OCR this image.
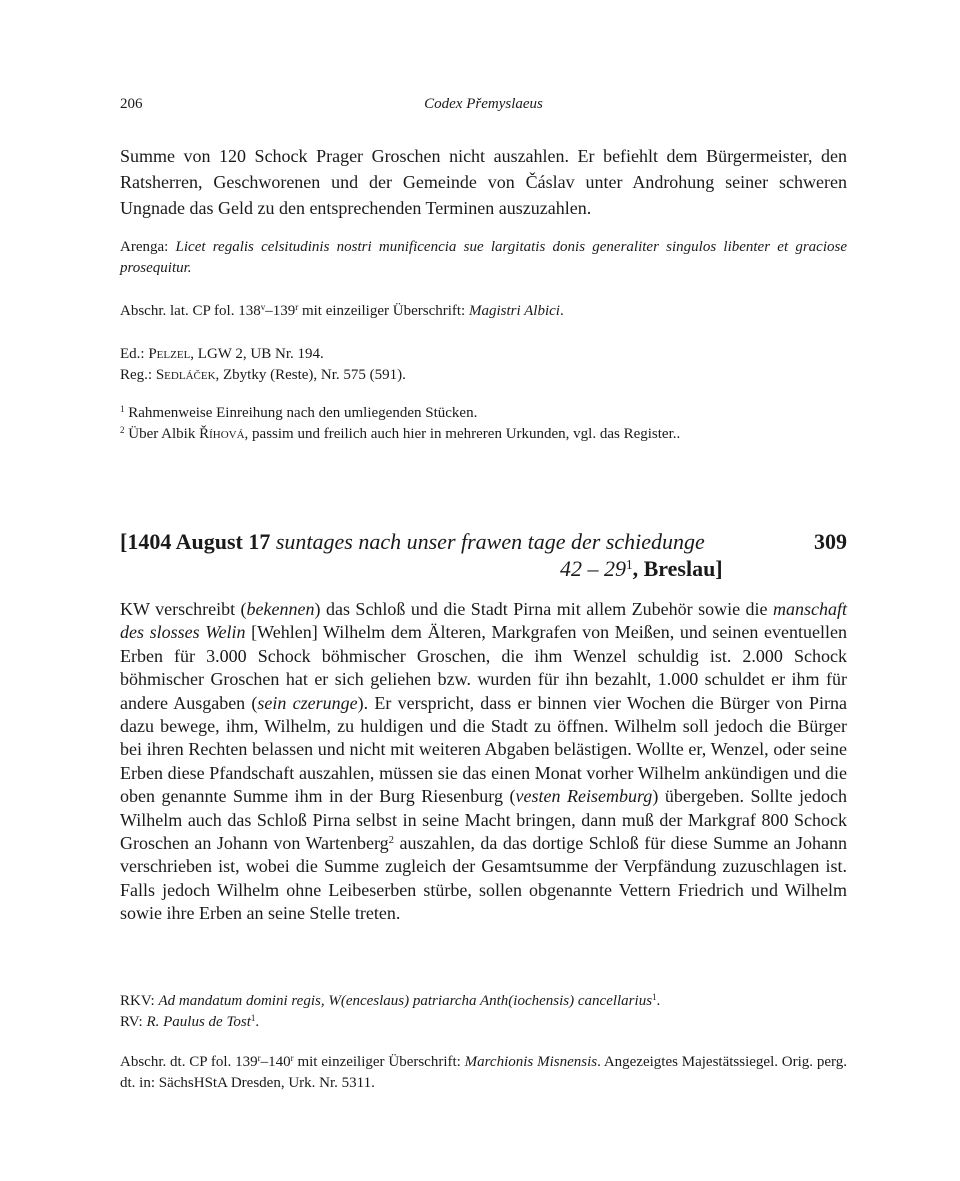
206	Codex Přemyslaeus

Summe von 120 Schock Prager Groschen nicht auszahlen. Er befiehlt dem Bürgermeister, den Ratsherren, Geschworenen und der Gemeinde von Čáslav unter Androhung seiner schweren Ungnade das Geld zu den entsprechenden Terminen auszuzahlen.

Arenga: Licet regalis celsitudinis nostri munificencia sue largitatis donis generaliter singulos libenter et graciose prosequitur.

Abschr. lat. CP fol. 138$^v$–139$^r$ mit einzeiliger Überschrift: Magistri Albici.

Ed.: Pelzel, LGW 2, UB Nr. 194.
Reg.: Sedláček, Zbytky (Reste), Nr. 575 (591).

$^1$ Rahmenweise Einreihung nach den umliegenden Stücken.
$^2$ Über Albik Říhová, passim und freilich auch hier in mehreren Urkunden, vgl. das Register..

[1404 August 17 suntages nach unser frawen tage der schiedunge
$42 - 29^1$, Breslau]
309

KW verschreibt (bekennen) das Schloß und die Stadt Pirna mit allem Zubehör sowie die manschaft des slosses Welin [Wehlen] Wilhelm dem Älteren, Markgrafen von Meißen, und seinen eventuellen Erben für 3.000 Schock böhmischer Groschen, die ihm Wenzel schuldig ist. 2.000 Schock böhmischer Groschen hat er sich geliehen bzw. wurden für ihn bezahlt, 1.000 schuldet er ihm für andere Ausgaben (sein czerunge). Er verspricht, dass er binnen vier Wochen die Bürger von Pirna dazu bewege, ihm, Wilhelm, zu huldigen und die Stadt zu öffnen. Wilhelm soll jedoch die Bürger bei ihren Rechten belassen und nicht mit weiteren Abgaben belästigen. Wollte er, Wenzel, oder seine Erben diese Pfandschaft auszahlen, müssen sie das einen Monat vorher Wilhelm ankündigen und die oben genannte Summe ihm in der Burg Riesenburg (vesten Reisemburg) übergeben. Sollte jedoch Wilhelm auch das Schloß Pirna selbst in seine Macht bringen, dann muß der Markgraf 800 Schock Groschen an Johann von Wartenberg$^2$ auszahlen, da das dortige Schloß für diese Summe an Johann verschrieben ist, wobei die Summe zugleich der Gesamtsumme der Verpfändung zuzuschlagen ist. Falls jedoch Wilhelm ohne Leibeserben stürbe, sollen obgenannte Vettern Friedrich und Wilhelm sowie ihre Erben an seine Stelle treten.

RKV: Ad mandatum domini regis, W(enceslaus) patriarcha Anth(iochensis) cancellarius$^1$.
RV: R. Paulus de Tost$^1$.

Abschr. dt. CP fol. 139$^r$–140$^r$ mit einzeiliger Überschrift: Marchionis Misnensis. Angezeigtes Majestätssiegel. Orig. perg. dt. in: SächsHStA Dresden, Urk. Nr. 5311.
